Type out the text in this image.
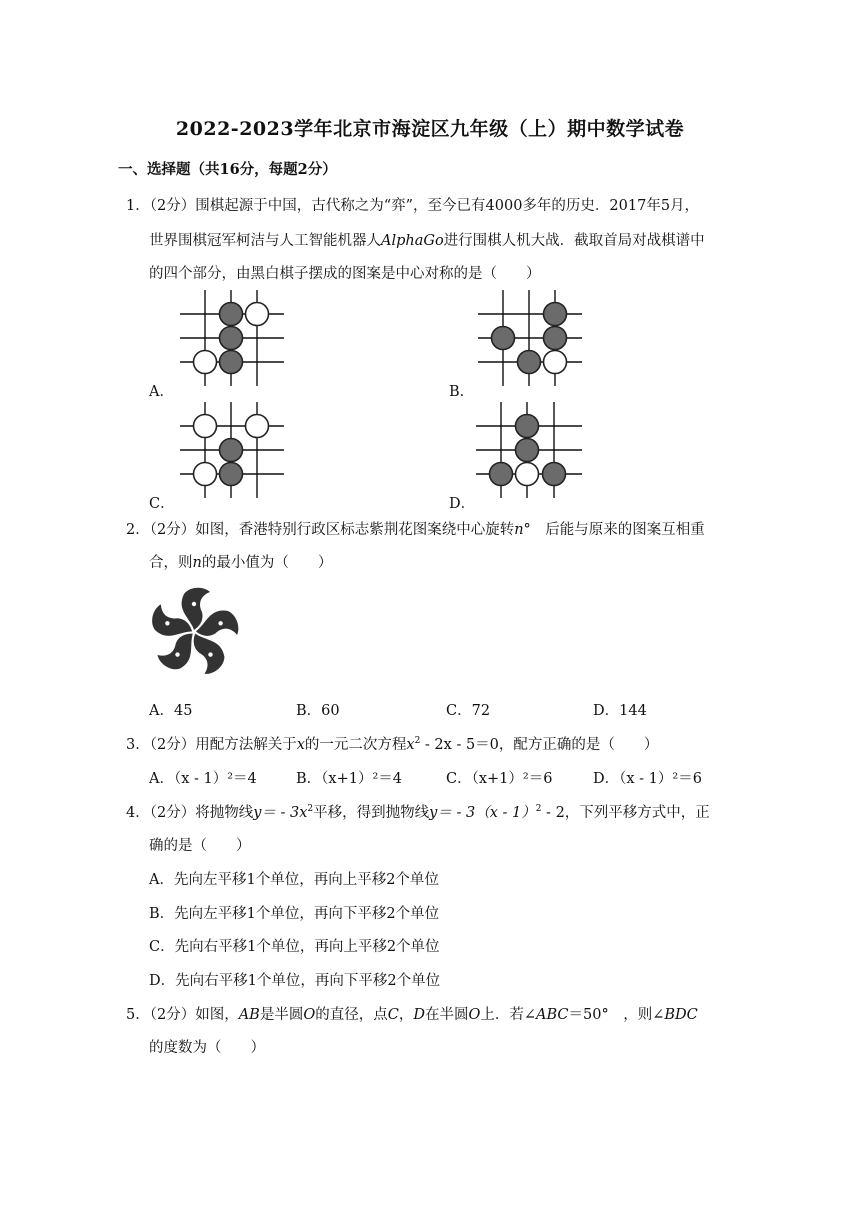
2022-2023学年北京市海淀区九年级（上）期中数学试卷
一、选择题（共16分，每题2分）
1．（2分）围棋起源于中国，古代称之为“弈”，至今已有4000多年的历史．2017年5月，
世界围棋冠军柯洁与人工智能机器人AlphaGo进行围棋人机大战．截取首局对战棋谱中
的四个部分，由黑白棋子摆成的图案是中心对称的是（　　）
A．	B．
C．	D．
2．（2分）如图，香港特别行政区标志紫荆花图案绕中心旋转n°　后能与原来的图案互相重
合，则n的最小值为（　　）
A．45	B．60	C．72	D．144
3．（2分）用配方法解关于x的一元二次方程$x^2 - 2x - 5=0$，配方正确的是（　　）
A．（x - 1）²＝4	B．（x+1）²＝4	C．（x+1）²＝6	D．（x - 1）²＝6
4．（2分）将抛物线$y= - 3x^2$平移，得到抛物线y＝ - 3（x - 1）$^2$ - 2，下列平移方式中，正
确的是（　　）
A．先向左平移1个单位，再向上平移2个单位
B．先向左平移1个单位，再向下平移2个单位
C．先向右平移1个单位，再向上平移2个单位
D．先向右平移1个单位，再向下平移2个单位
5．（2分）如图，AB是半圆O的直径，点C，D在半圆O上．若∠ABC＝50°　，则∠BDC
的度数为（　　）
